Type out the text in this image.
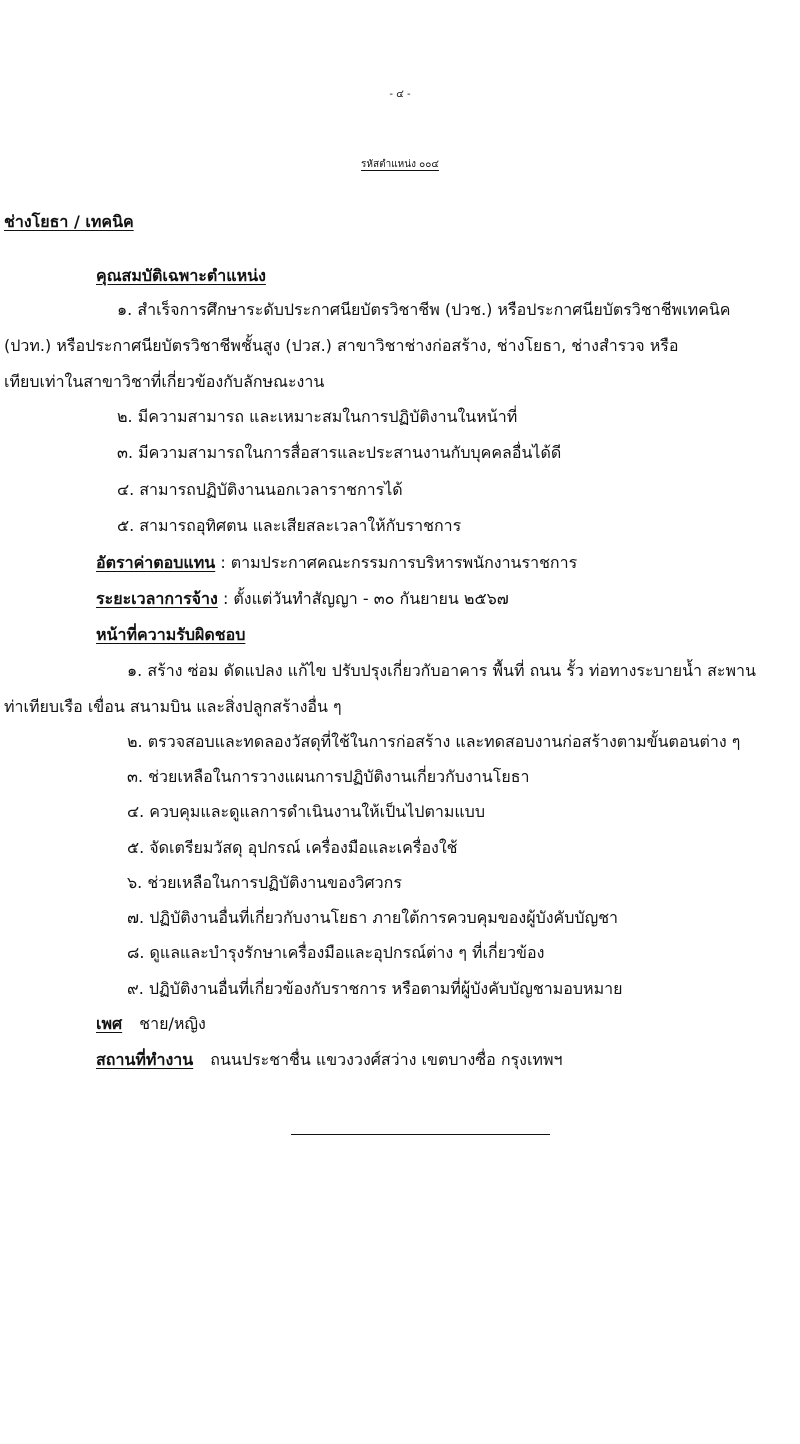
- ๔ -
รหัสตำแหน่ง ๐๐๔
ช่างโยธา / เทคนิค
คุณสมบัติเฉพาะตำแหน่ง
๑. สำเร็จการศึกษาระดับประกาศนียบัตรวิชาชีพ (ปวช.) หรือประกาศนียบัตรวิชาชีพเทคนิค
(ปวท.) หรือประกาศนียบัตรวิชาชีพชั้นสูง (ปวส.) สาขาวิชาช่างก่อสร้าง, ช่างโยธา, ช่างสำรวจ หรือ
เทียบเท่าในสาขาวิชาที่เกี่ยวข้องกับลักษณะงาน
๒. มีความสามารถ และเหมาะสมในการปฏิบัติงานในหน้าที่
๓. มีความสามารถในการสื่อสารและประสานงานกับบุคคลอื่นได้ดี
๔. สามารถปฏิบัติงานนอกเวลาราชการได้
๕. สามารถอุทิศตน และเสียสละเวลาให้กับราชการ
อัตราค่าตอบแทน : ตามประกาศคณะกรรมการบริหารพนักงานราชการ
ระยะเวลาการจ้าง : ตั้งแต่วันทำสัญญา - ๓๐ กันยายน ๒๕๖๗
หน้าที่ความรับผิดชอบ
๑. สร้าง ซ่อม ดัดแปลง แก้ไข ปรับปรุงเกี่ยวกับอาคาร พื้นที่ ถนน รั้ว ท่อทางระบายน้ำ สะพาน
ท่าเทียบเรือ เขื่อน สนามบิน และสิ่งปลูกสร้างอื่น ๆ
๒. ตรวจสอบและทดลองวัสดุที่ใช้ในการก่อสร้าง และทดสอบงานก่อสร้างตามขั้นตอนต่าง ๆ
๓. ช่วยเหลือในการวางแผนการปฏิบัติงานเกี่ยวกับงานโยธา
๔. ควบคุมและดูแลการดำเนินงานให้เป็นไปตามแบบ
๕. จัดเตรียมวัสดุ อุปกรณ์ เครื่องมือและเครื่องใช้
๖. ช่วยเหลือในการปฏิบัติงานของวิศวกร
๗. ปฏิบัติงานอื่นที่เกี่ยวกับงานโยธา ภายใต้การควบคุมของผู้บังคับบัญชา
๘. ดูแลและบำรุงรักษาเครื่องมือและอุปกรณ์ต่าง ๆ ที่เกี่ยวข้อง
๙. ปฏิบัติงานอื่นที่เกี่ยวข้องกับราชการ หรือตามที่ผู้บังคับบัญชามอบหมาย
เพศ ชาย/หญิง
สถานที่ทำงาน ถนนประชาชื่น แขวงวงศ์สว่าง เขตบางซื่อ กรุงเทพฯ
